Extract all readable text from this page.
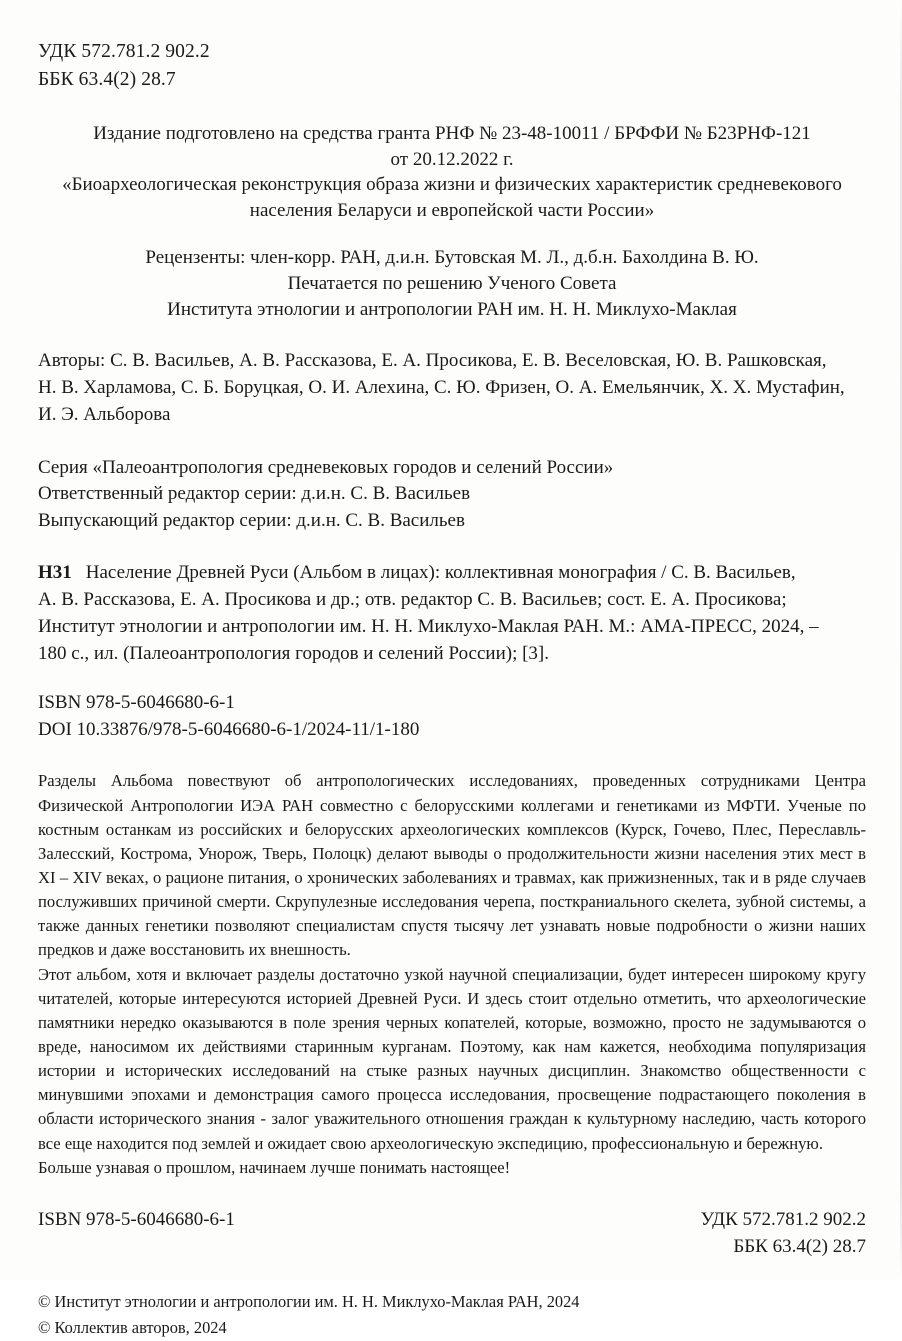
УДК 572.781.2 902.2
ББК 63.4(2) 28.7
Издание подготовлено на средства гранта РНФ № 23-48-10011 / БРФФИ № Б23РНФ-121
от 20.12.2022 г.
«Биоархеологическая реконструкция образа жизни и физических характеристик средневекового
населения Беларуси и европейской части России»
Рецензенты: член-корр. РАН, д.и.н. Бутовская М. Л., д.б.н. Бахолдина В. Ю.
Печатается по решению Ученого Совета
Института этнологии и антропологии РАН им. Н. Н. Миклухо-Маклая
Авторы: С. В. Васильев, А. В. Рассказова, Е. А. Просикова, Е. В. Веселовская, Ю. В. Рашковская,
Н. В. Харламова, С. Б. Боруцкая, О. И. Алехина, С. Ю. Фризен, О. А. Емельянчик, Х. Х. Мустафин,
И. Э. Альборова
Серия «Палеоантропология средневековых городов и селений России»
Ответственный редактор серии: д.и.н. С. В. Васильев
Выпускающий редактор серии: д.и.н. С. В. Васильев
Н31 Население Древней Руси (Альбом в лицах): коллективная монография / С. В. Васильев,
А. В. Рассказова, Е. А. Просикова и др.; отв. редактор С. В. Васильев; сост. Е. А. Просикова;
Институт этнологии и антропологии им. Н. Н. Миклухо-Маклая РАН. М.: АМА-ПРЕСС, 2024, –
180 с., ил. (Палеоантропология городов и селений России); [3].
ISBN 978-5-6046680-6-1
DOI 10.33876/978-5-6046680-6-1/2024-11/1-180

Разделы Альбома повествуют об антропологических исследованиях, проведенных сотрудниками Центра Физической Антропологии ИЭА РАН совместно с белорусскими коллегами и генетиками из МФТИ. Ученые по костным останкам из российских и белорусских археологических комплексов (Курск, Гочево, Плес, Переславль-Залесский, Кострома, Унорож, Тверь, Полоцк) делают выводы о продолжительности жизни населения этих мест в XI – XIV веках, о рационе питания, о хронических заболеваниях и травмах, как прижизненных, так и в ряде случаев послуживших причиной смерти. Скрупулезные исследования черепа, посткраниального скелета, зубной системы, а также данных генетики позволяют специалистам спустя тысячу лет узнавать новые подробности о жизни наших предков и даже восстановить их внешность.

Этот альбом, хотя и включает разделы достаточно узкой научной специализации, будет интересен широкому кругу читателей, которые интересуются историей Древней Руси. И здесь стоит отдельно отметить, что археологические памятники нередко оказываются в поле зрения черных копателей, которые, возможно, просто не задумываются о вреде, наносимом их действиями старинным курганам. Поэтому, как нам кажется, необходима популяризация истории и исторических исследований на стыке разных научных дисциплин. Знакомство общественности с минувшими эпохами и демонстрация самого процесса исследования, просвещение подрастающего поколения в области исторического знания - залог уважительного отношения граждан к культурному наследию, часть которого все еще находится под землей и ожидает свою археологическую экспедицию, профессиональную и бережную.

Больше узнавая о прошлом, начинаем лучше понимать настоящее!

ISBN 978-5-6046680-6-1	УДК 572.781.2 902.2
ББК 63.4(2) 28.7
© Институт этнологии и антропологии им. Н. Н. Миклухо-Маклая РАН, 2024
© Коллектив авторов, 2024
